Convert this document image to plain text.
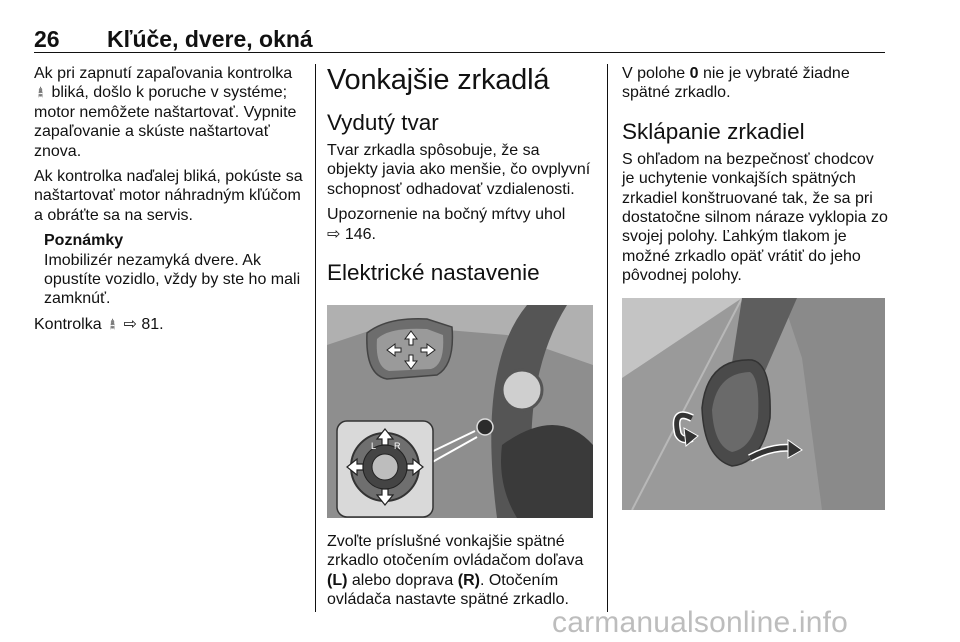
26 Kľúče, dvere, okná

Ak pri zapnutí zapaľovania kontrolka 🛔︎ bliká, došlo k poruche v systéme; motor nemôžete naštartovať. Vypnite zapaľovanie a skúste naštartovať znova.

Ak kontrolka naďalej bliká, pokúste sa naštartovať motor náhradným kľúčom a obráťte sa na servis.

Poznámky

Imobilizér nezamyká dvere. Ak opustíte vozidlo, vždy by ste ho mali zamknúť.

Kontrolka 🛔︎ ⇨ 81.

Vonkajšie zrkadlá
Vydutý tvar

Tvar zrkadla spôsobuje, že sa objekty javia ako menšie, čo ovplyvní schopnosť odhadovať vzdialenosti.

Upozornenie na bočný mŕtvy uhol
⇨ 146.

Elektrické nastavenie
L R

Zvoľte príslušné vonkajšie spätné zrkadlo otočením ovládačom doľava (L) alebo doprava (R). Otočením ovládača nastavte spätné zrkadlo.

V polohe 0 nie je vybraté žiadne spätné zrkadlo.

Sklápanie zrkadiel

S ohľadom na bezpečnosť chodcov je uchytenie vonkajších spätných zrkadiel konštruované tak, že sa pri dostatočne silnom náraze vyklopia zo svojej polohy. Ľahkým tlakom je možné zrkadlo opäť vrátiť do jeho pôvodnej polohy.

carmanualsonline.info
